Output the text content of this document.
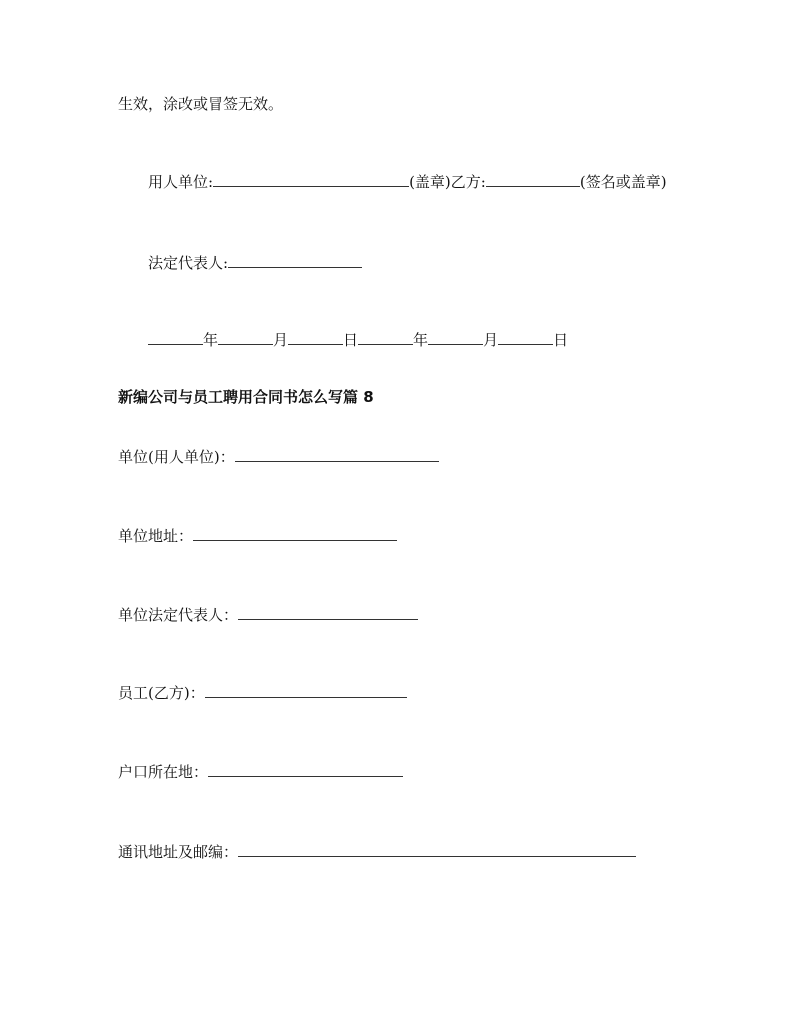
生效，涂改或冒签无效。
用人单位:	(盖章)乙方:	(签名或盖章)
法定代表人:
年	月	日	年	月	日
新编公司与员工聘用合同书怎么写篇 8
单位(用人单位)：
单位地址：
单位法定代表人：
员工(乙方)：
户口所在地：
通讯地址及邮编：
